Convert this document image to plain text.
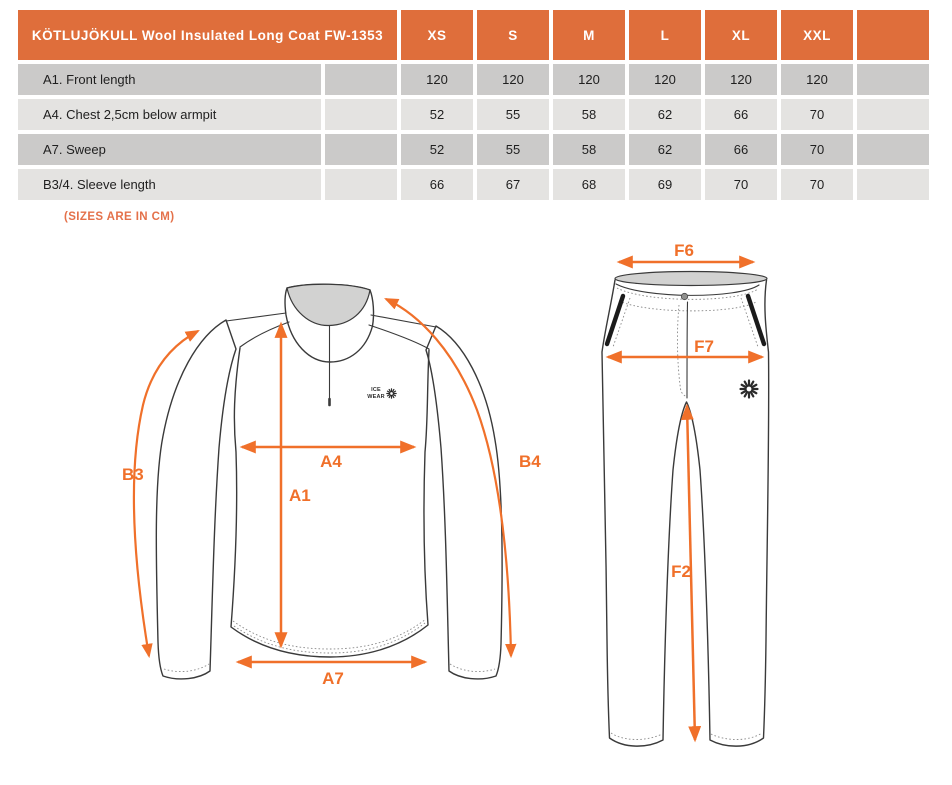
KÖTLUJÖKULL Wool Insulated Long Coat FW-1353		XS	S	M	L	XL	XXL	
A1. Front length		120	120	120	120	120	120	
A4. Chest 2,5cm below armpit		52	55	58	62	66	70	
A7. Sweep		52	55	58	62	66	70	
B3/4. Sleeve length		66	67	68	69	70	70	
(SIZES ARE IN CM)
ICE
WEAR
B3
A4
A1
A7
B4
F6
F7
F2
